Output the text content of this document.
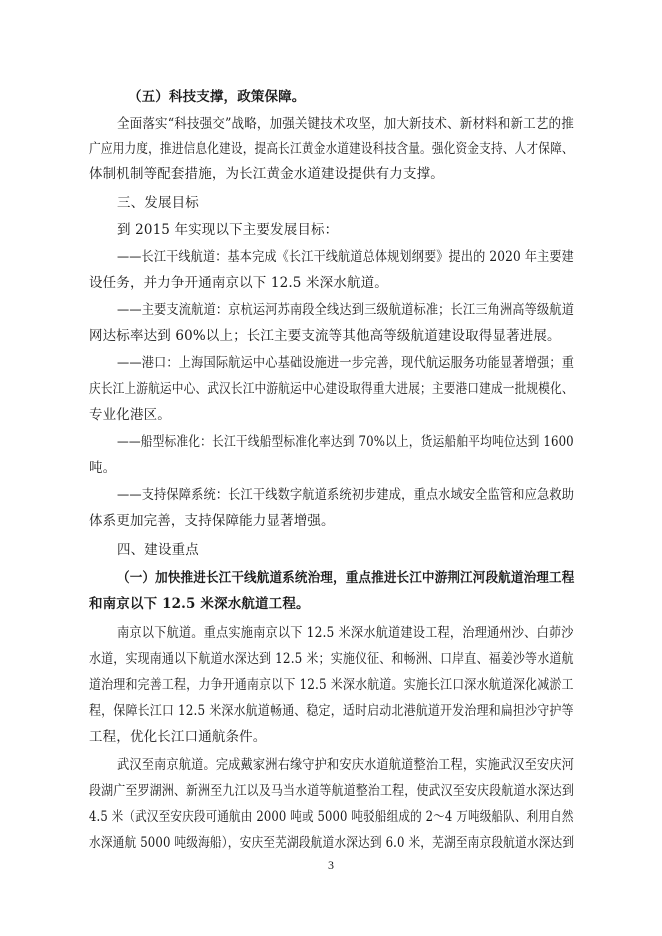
（五）科技支撑，政策保障。
全面落实“科技强交”战略，加强关键技术攻坚，加大新技术、新材料和新工艺的推
广应用力度，推进信息化建设，提高长江黄金水道建设科技含量。强化资金支持、人才保障、
体制机制等配套措施，为长江黄金水道建设提供有力支撑。
三、发展目标
到 2015 年实现以下主要发展目标：
——长江干线航道：基本完成《长江干线航道总体规划纲要》提出的 2020 年主要建
设任务，并力争开通南京以下 12.5 米深水航道。
——主要支流航道：京杭运河苏南段全线达到三级航道标准；长江三角洲高等级航道
网达标率达到 60%以上；长江主要支流等其他高等级航道建设取得显著进展。
——港口：上海国际航运中心基础设施进一步完善，现代航运服务功能显著增强；重
庆长江上游航运中心、武汉长江中游航运中心建设取得重大进展；主要港口建成一批规模化、
专业化港区。
——船型标准化：长江干线船型标准化率达到 70%以上，货运船舶平均吨位达到 1600
吨。
——支持保障系统：长江干线数字航道系统初步建成，重点水域安全监管和应急救助
体系更加完善，支持保障能力显著增强。
四、建设重点
（一）加快推进长江干线航道系统治理，重点推进长江中游荆江河段航道治理工程
和南京以下 12.5 米深水航道工程。
南京以下航道。重点实施南京以下 12.5 米深水航道建设工程，治理通州沙、白茆沙
水道，实现南通以下航道水深达到 12.5 米；实施仪征、和畅洲、口岸直、福姜沙等水道航
道治理和完善工程，力争开通南京以下 12.5 米深水航道。实施长江口深水航道深化减淤工
程，保障长江口 12.5 米深水航道畅通、稳定，适时启动北港航道开发治理和扁担沙守护等
工程，优化长江口通航条件。
武汉至南京航道。完成戴家洲右缘守护和安庆水道航道整治工程，实施武汉至安庆河
段湖广至罗湖洲、新洲至九江以及马当水道等航道整治工程，使武汉至安庆段航道水深达到
4.5 米（武汉至安庆段可通航由 2000 吨或 5000 吨驳船组成的 2～4 万吨级船队、利用自然
水深通航 5000 吨级海船），安庆至芜湖段航道水深达到 6.0 米，芜湖至南京段航道水深达到
3
